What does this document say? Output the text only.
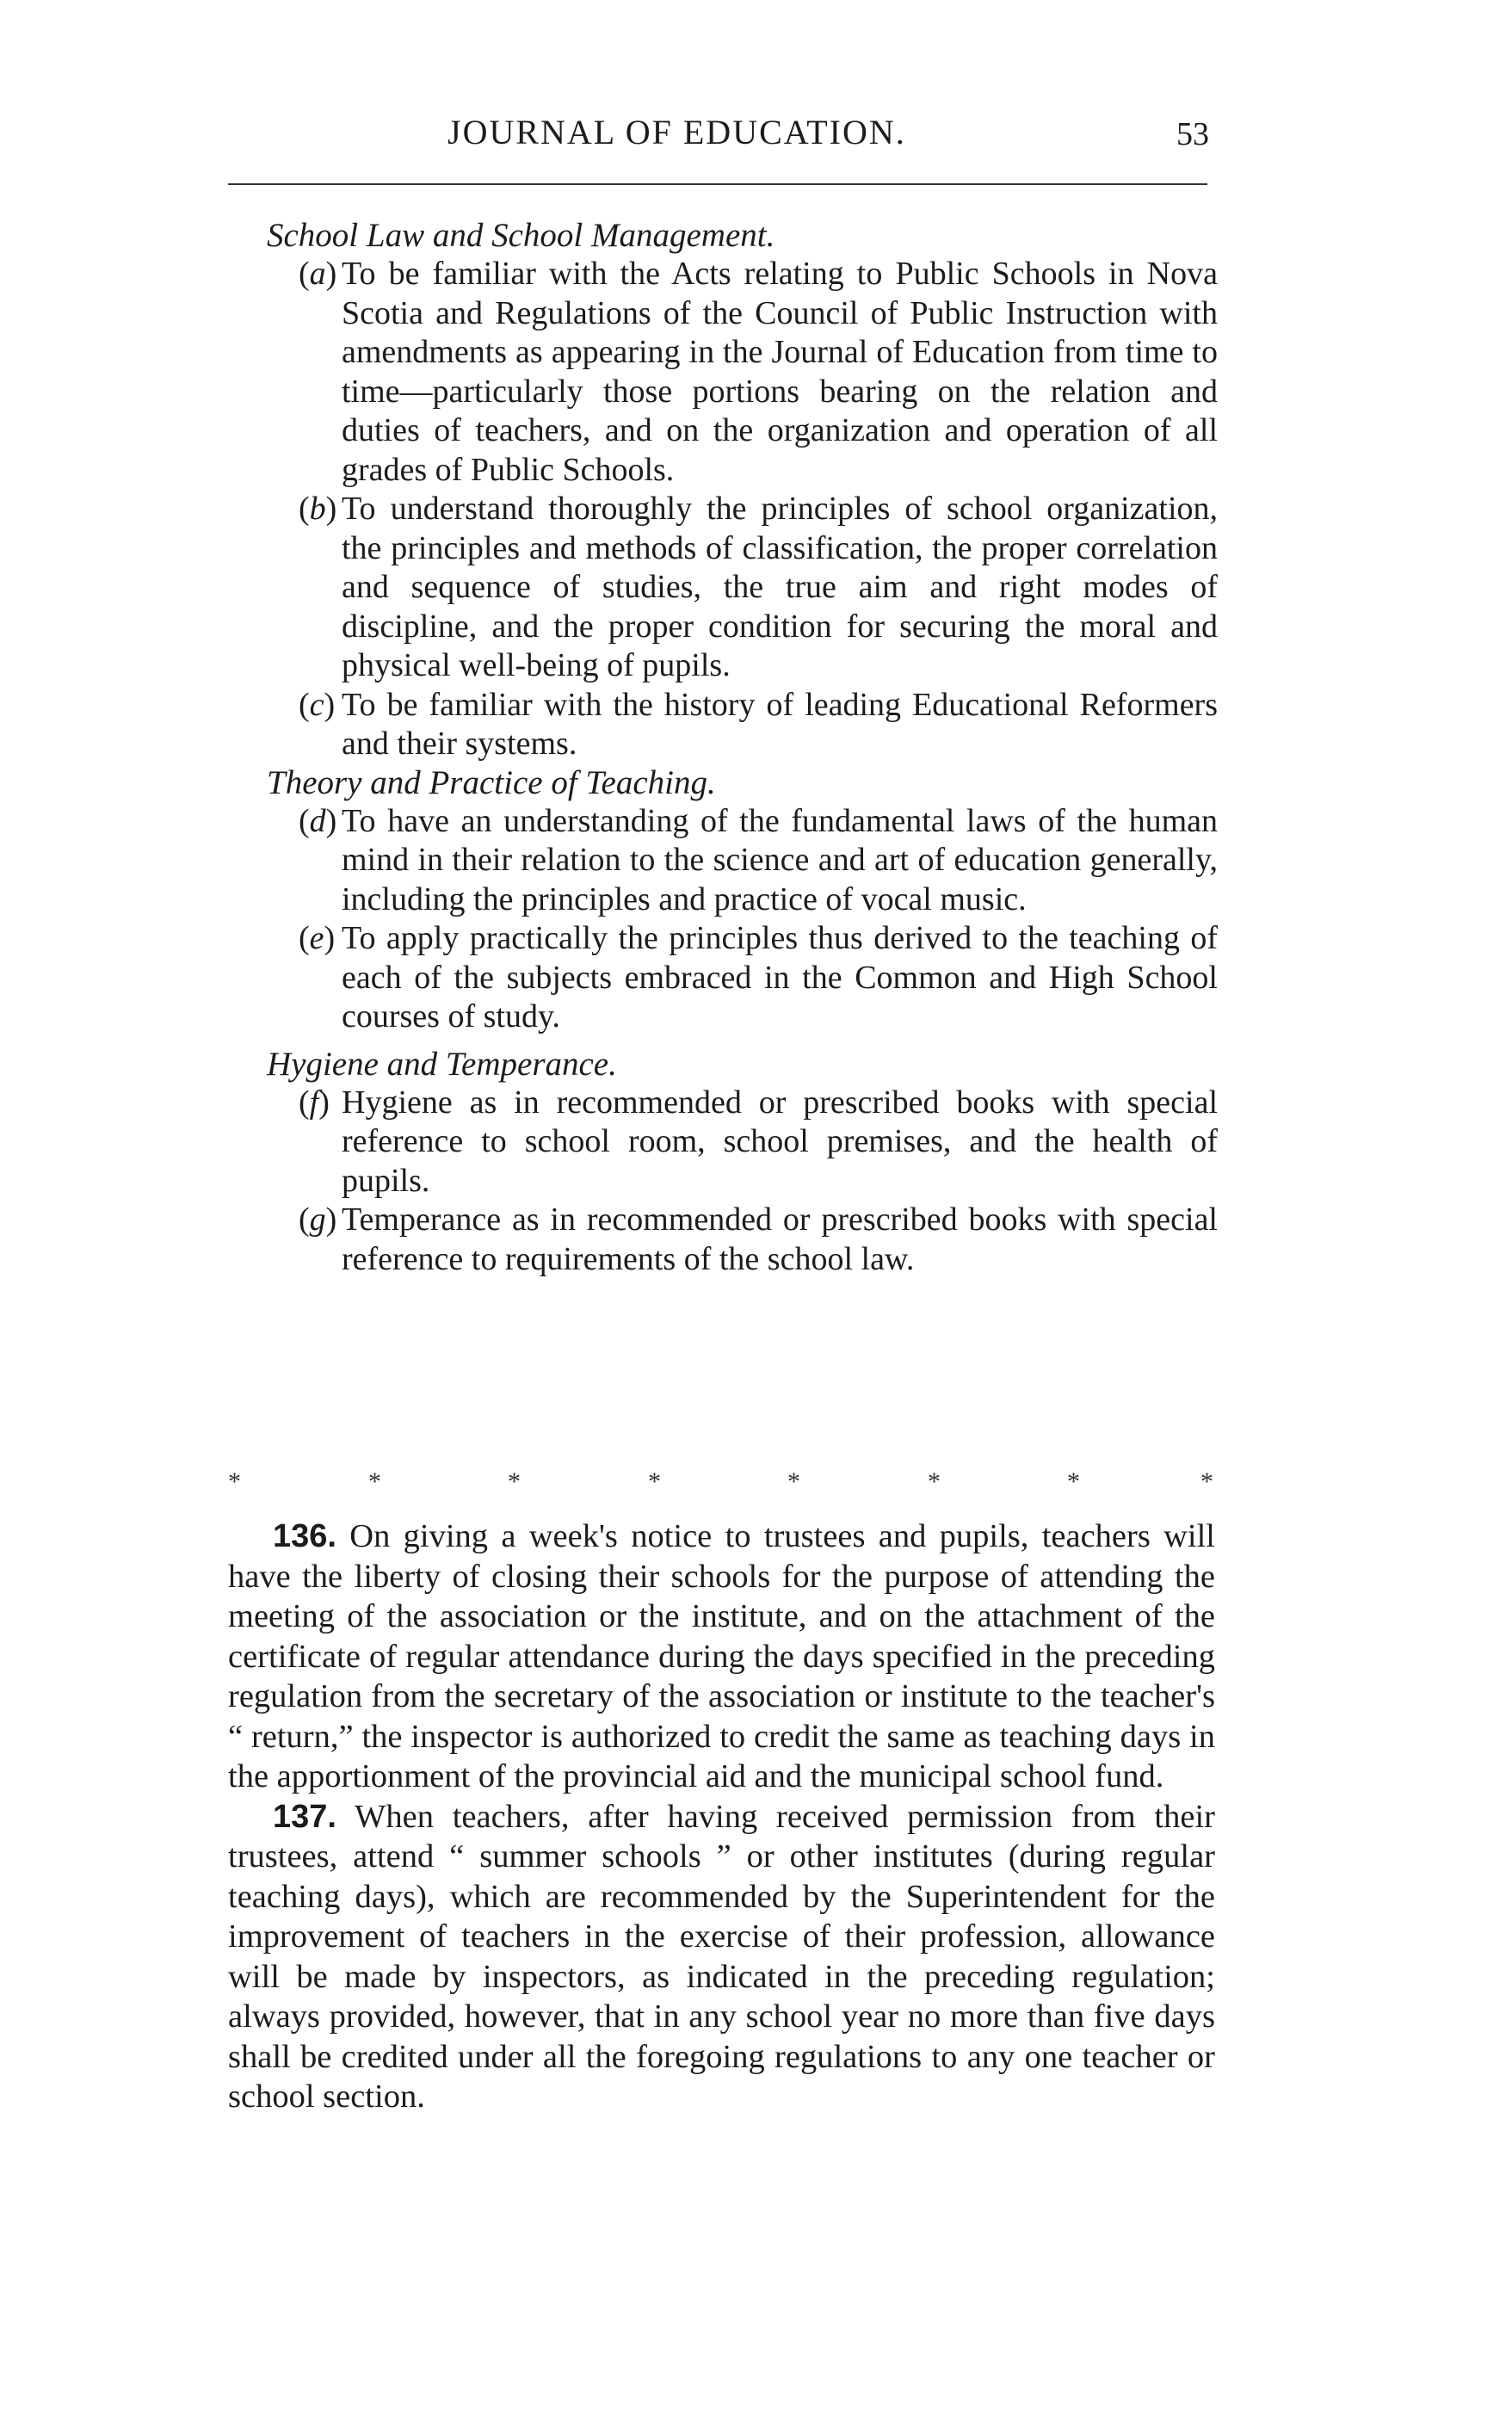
JOURNAL OF EDUCATION.	53

School Law and School Management.

(a) To be familiar with the Acts relating to Public Schools in Nova Scotia and Regulations of the Council of Public Instruction with amendments as appearing in the Journal of Education from time to time—particularly those portions bearing on the relation and duties of teachers, and on the organization and operation of all grades of Public Schools.
(b) To understand thoroughly the principles of school organization, the principles and methods of classification, the proper correlation and sequence of studies, the true aim and right modes of discipline, and the proper condition for securing the moral and physical well-being of pupils.
(c) To be familiar with the history of leading Educational Reformers and their systems.

Theory and Practice of Teaching.

(d) To have an understanding of the fundamental laws of the human mind in their relation to the science and art of education generally, including the principles and practice of vocal music.
(e) To apply practically the principles thus derived to the teaching of each of the subjects embraced in the Common and High School courses of study.

Hygiene and Temperance.

(f) Hygiene as in recommended or prescribed books with special reference to school room, school premises, and the health of pupils.
(g) Temperance as in recommended or prescribed books with special reference to requirements of the school law.
*	*	*	*	*	*	*	*

136. On giving a week's notice to trustees and pupils, teachers will have the liberty of closing their schools for the purpose of attending the meeting of the association or the institute, and on the attachment of the certificate of regular attendance during the days specified in the preceding regulation from the secretary of the association or institute to the teacher's “ return,” the inspector is authorized to credit the same as teaching days in the apportionment of the provincial aid and the municipal school fund.

137. When teachers, after having received permission from their trustees, attend “ summer schools ” or other institutes (during regular teaching days), which are recommended by the Superintendent for the improvement of teachers in the exercise of their profession, allowance will be made by inspectors, as indicated in the preceding regulation; always provided, however, that in any school year no more than five days shall be credited under all the foregoing regulations to any one teacher or school section.
